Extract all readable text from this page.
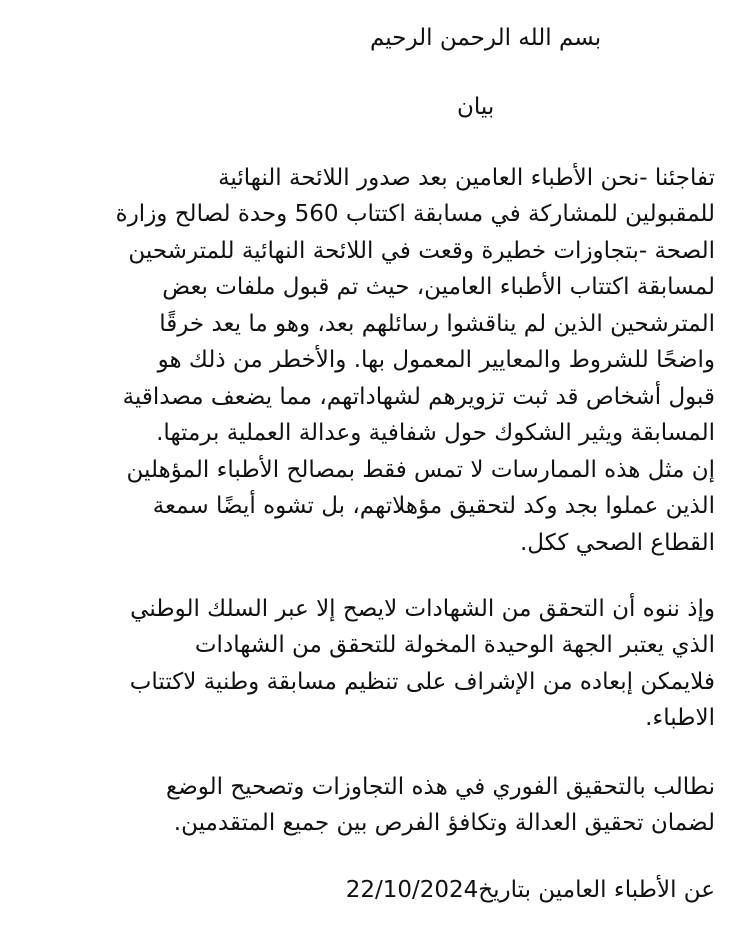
بسم الله الرحمن الرحيم
بيان
تفاجئنا -نحن الأطباء العامين بعد صدور اللائحة النهائية
للمقبولين للمشاركة في مسابقة اكتتاب 560 وحدة لصالح وزارة
الصحة -بتجاوزات خطيرة وقعت في اللائحة النهائية للمترشحين
لمسابقة اكتتاب الأطباء العامين، حيث تم قبول ملفات بعض
المترشحين الذين لم يناقشوا رسائلهم بعد، وهو ما يعد خرقًا
واضحًا للشروط والمعايير المعمول بها. والأخطر من ذلك هو
قبول أشخاص قد ثبت تزويرهم لشهاداتهم، مما يضعف مصداقية
المسابقة ويثير الشكوك حول شفافية وعدالة العملية برمتها.
إن مثل هذه الممارسات لا تمس فقط بمصالح الأطباء المؤهلين
الذين عملوا بجد وكد لتحقيق مؤهلاتهم، بل تشوه أيضًا سمعة
القطاع الصحي ككل.
وإذ ننوه أن التحقق من الشهادات لايصح إلا عبر السلك الوطني
الذي يعتبر الجهة الوحيدة المخولة للتحقق من الشهادات
فلايمكن إبعاده من الإشراف على تنظيم مسابقة وطنية لاكتتاب
الاطباء.
نطالب بالتحقيق الفوري في هذه التجاوزات وتصحيح الوضع
لضمان تحقيق العدالة وتكافؤ الفرص بين جميع المتقدمين.
عن الأطباء العامين بتاريخ22/10/2024
